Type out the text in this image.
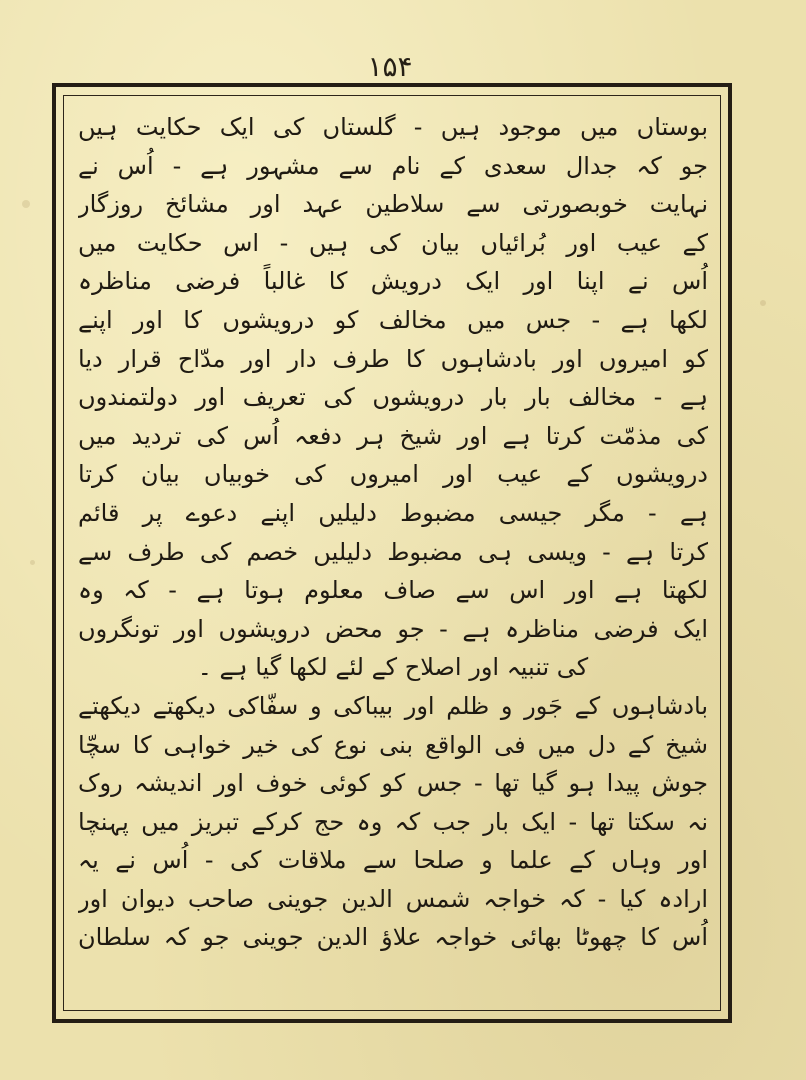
۱۵۴
بوستاں میں موجود ہیں - گلستاں کی ایک حکایت ہیں
جو کہ جدال سعدی کے نام سے مشہور ہے - اُس نے
نہایت خوبصورتی سے سلاطین عہد اور مشائخ روزگار
کے عیب اور بُرائیاں بیان کی ہیں - اس حکایت میں
اُس نے اپنا اور ایک درویش کا غالباً فرضی مناظرہ
لکھا ہے - جس میں مخالف کو درویشوں کا اور اپنے
کو امیروں اور بادشاہوں کا طرف دار اور مدّاح قرار دیا
ہے - مخالف بار بار درویشوں کی تعریف اور دولتمندوں
کی مذمّت کرتا ہے اور شیخ ہر دفعہ اُس کی تردید میں
درویشوں کے عیب اور امیروں کی خوبیاں بیان کرتا
ہے - مگر جیسی مضبوط دلیلیں اپنے دعوے پر قائم
کرتا ہے - ویسی ہی مضبوط دلیلیں خصم کی طرف سے
لکھتا ہے اور اس سے صاف معلوم ہوتا ہے - کہ وہ
ایک فرضی مناظرہ ہے - جو محض درویشوں اور تونگروں
کی تنبیہ اور اصلاح کے لئے لکھا گیا ہے ۔
بادشاہوں کے جَور و ظلم اور بیباکی و سفّاکی دیکھتے دیکھتے
شیخ کے دل میں فی الواقع بنی نوع کی خیر خواہی کا سچّا
جوش پیدا ہو گیا تھا - جس کو کوئی خوف اور اندیشہ روک
نہ سکتا تھا - ایک بار جب کہ وہ حج کرکے تبریز میں پہنچا
اور وہاں کے علما و صلحا سے ملاقات کی - اُس نے یہ
ارادہ کیا - کہ خواجہ شمس الدین جوینی صاحب دیوان اور
اُس کا چھوٹا بھائی خواجہ علاؤ الدین جوینی جو کہ سلطان
